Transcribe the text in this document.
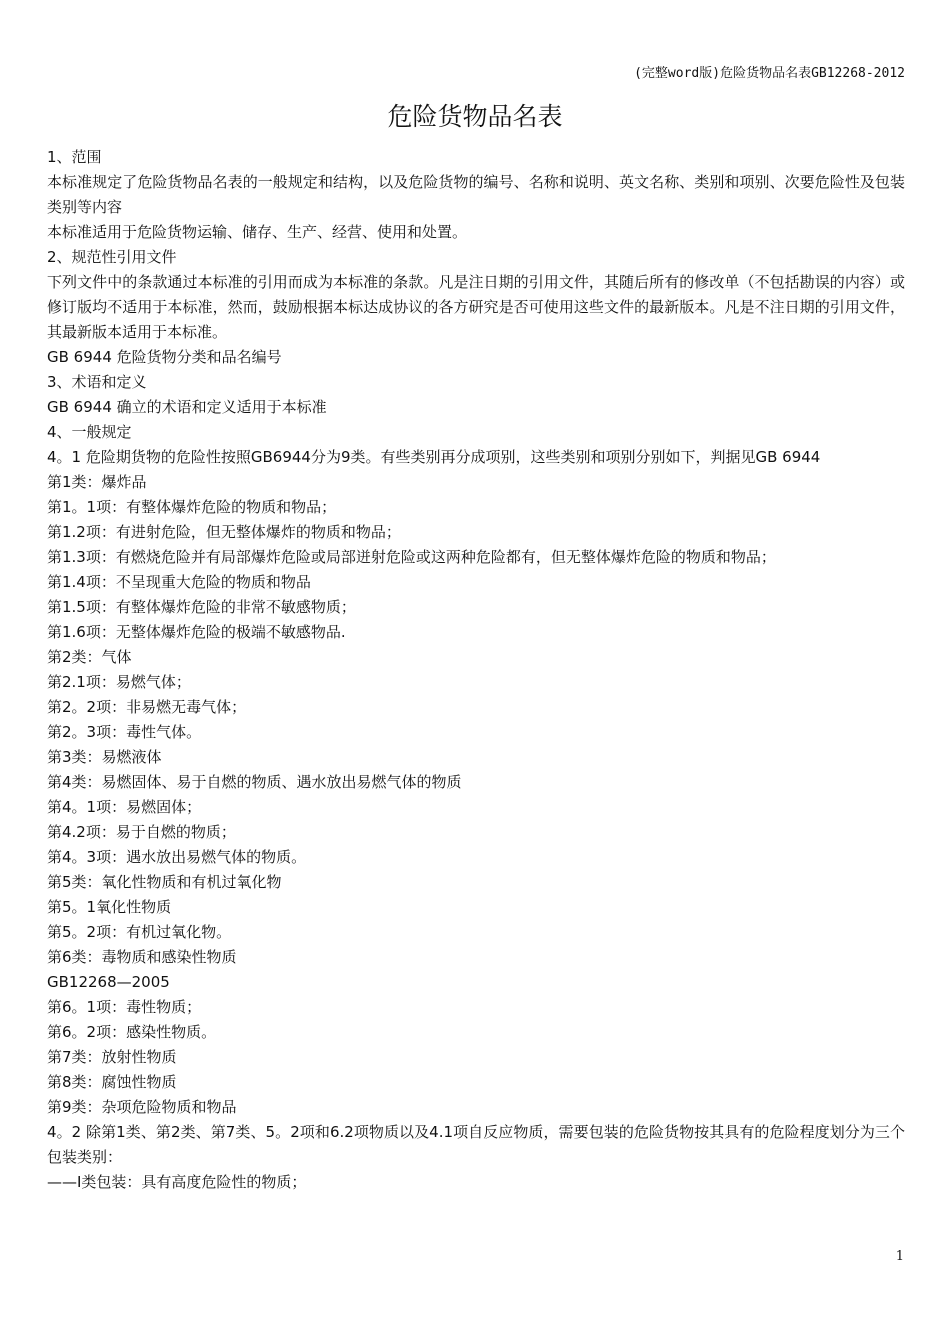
(完整word版)危险货物品名表GB12268-2012
危险货物品名表
1、范围
本标准规定了危险货物品名表的一般规定和结构，以及危险货物的编号、名称和说明、英文名称、类别和项别、次要危险性及包装类别等内容
本标准适用于危险货物运输、储存、生产、经营、使用和处置。
2、规范性引用文件
下列文件中的条款通过本标准的引用而成为本标准的条款。凡是注日期的引用文件，其随后所有的修改单（不包括勘误的内容）或修订版均不适用于本标准，然而，鼓励根据本标达成协议的各方研究是否可使用这些文件的最新版本。凡是不注日期的引用文件，其最新版本适用于本标准。
GB 6944 危险货物分类和品名编号
3、术语和定义
GB 6944 确立的术语和定义适用于本标准
4、一般规定
4。1 危险期货物的危险性按照GB6944分为9类。有些类别再分成项别，这些类别和项别分别如下，判据见GB 6944
第1类：爆炸品
第1。1项：有整体爆炸危险的物质和物品；
第1.2项：有进射危险，但无整体爆炸的物质和物品；
第1.3项：有燃烧危险并有局部爆炸危险或局部迸射危险或这两种危险都有，但无整体爆炸危险的物质和物品；
第1.4项：不呈现重大危险的物质和物品
第1.5项：有整体爆炸危险的非常不敏感物质；
第1.6项：无整体爆炸危险的极端不敏感物品.
第2类：气体
第2.1项：易燃气体；
第2。2项：非易燃无毒气体；
第2。3项：毒性气体。
第3类：易燃液体
第4类：易燃固体、易于自燃的物质、遇水放出易燃气体的物质
第4。1项：易燃固体；
第4.2项：易于自燃的物质；
第4。3项：遇水放出易燃气体的物质。
第5类：氧化性物质和有机过氧化物
第5。1氧化性物质
第5。2项：有机过氧化物。
第6类：毒物质和感染性物质
GB12268—2005
第6。1项：毒性物质；
第6。2项：感染性物质。
第7类：放射性物质
第8类：腐蚀性物质
第9类：杂项危险物质和物品
4。2 除第1类、第2类、第7类、5。2项和6.2项物质以及4.1项自反应物质，需要包装的危险货物按其具有的危险程度划分为三个包装类别：
——I类包装：具有高度危险性的物质；
1
